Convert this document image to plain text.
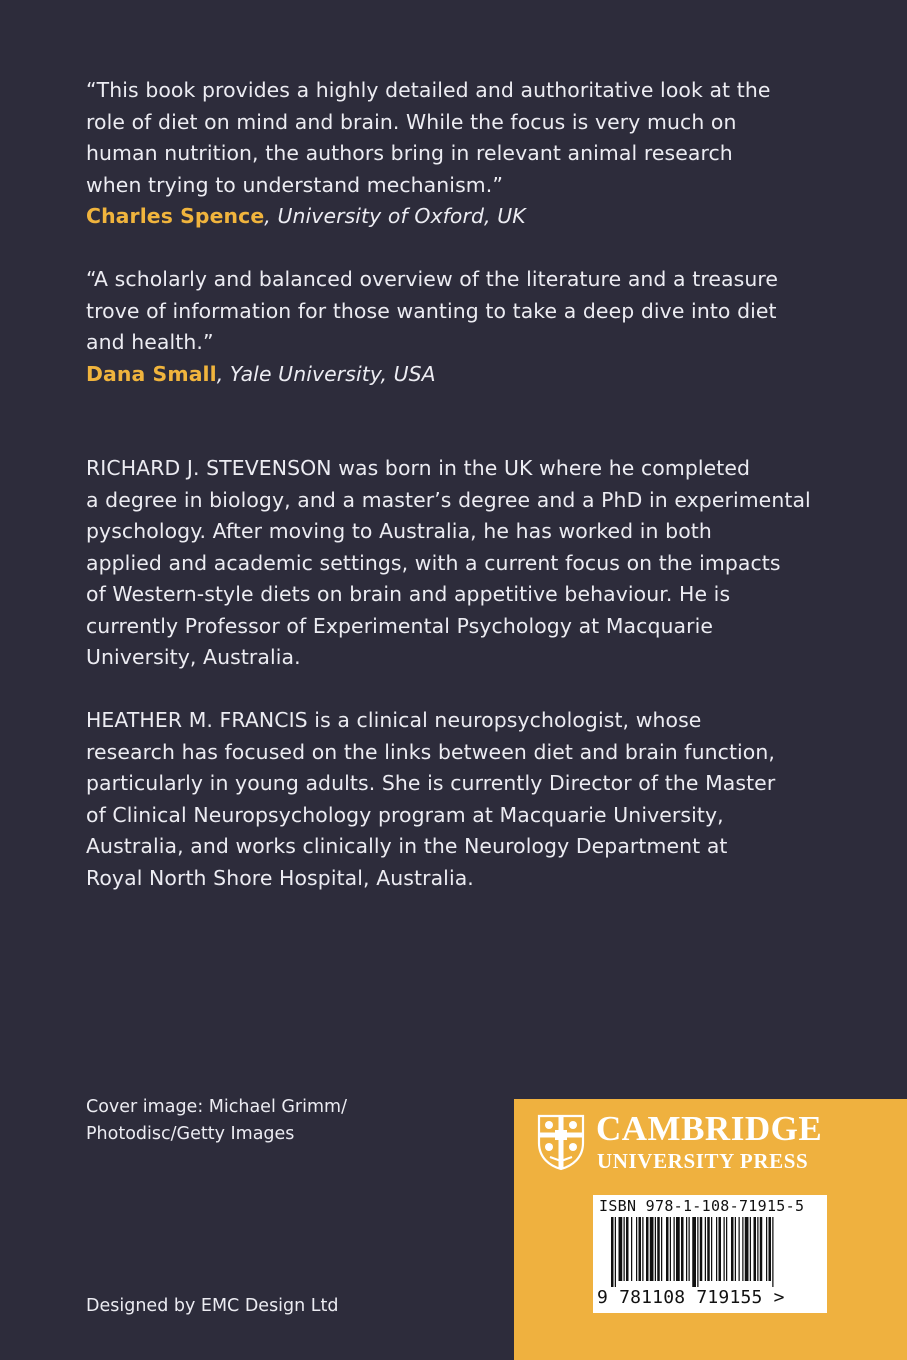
“This book provides a highly detailed and authoritative look at the
role of diet on mind and brain. While the focus is very much on
human nutrition, the authors bring in relevant animal research
when trying to understand mechanism.”
Charles Spence, University of Oxford, UK
“A scholarly and balanced overview of the literature and a treasure
trove of information for those wanting to take a deep dive into diet
and health.”
Dana Small, Yale University, USA
RICHARD J. STEVENSON was born in the UK where he completed
a degree in biology, and a master’s degree and a PhD in experimental
pyschology. After moving to Australia, he has worked in both
applied and academic settings, with a current focus on the impacts
of Western-style diets on brain and appetitive behaviour. He is
currently Professor of Experimental Psychology at Macquarie
University, Australia.
HEATHER M. FRANCIS is a clinical neuropsychologist, whose
research has focused on the links between diet and brain function,
particularly in young adults. She is currently Director of the Master
of Clinical Neuropsychology program at Macquarie University,
Australia, and works clinically in the Neurology Department at
Royal North Shore Hospital, Australia.
Cover image: Michael Grimm/
Photodisc/Getty Images
Designed by EMC Design Ltd
CAMBRIDGE
UNIVERSITY PRESS
ISBN 978-1-108-71915-5
9 781108 719155 >
